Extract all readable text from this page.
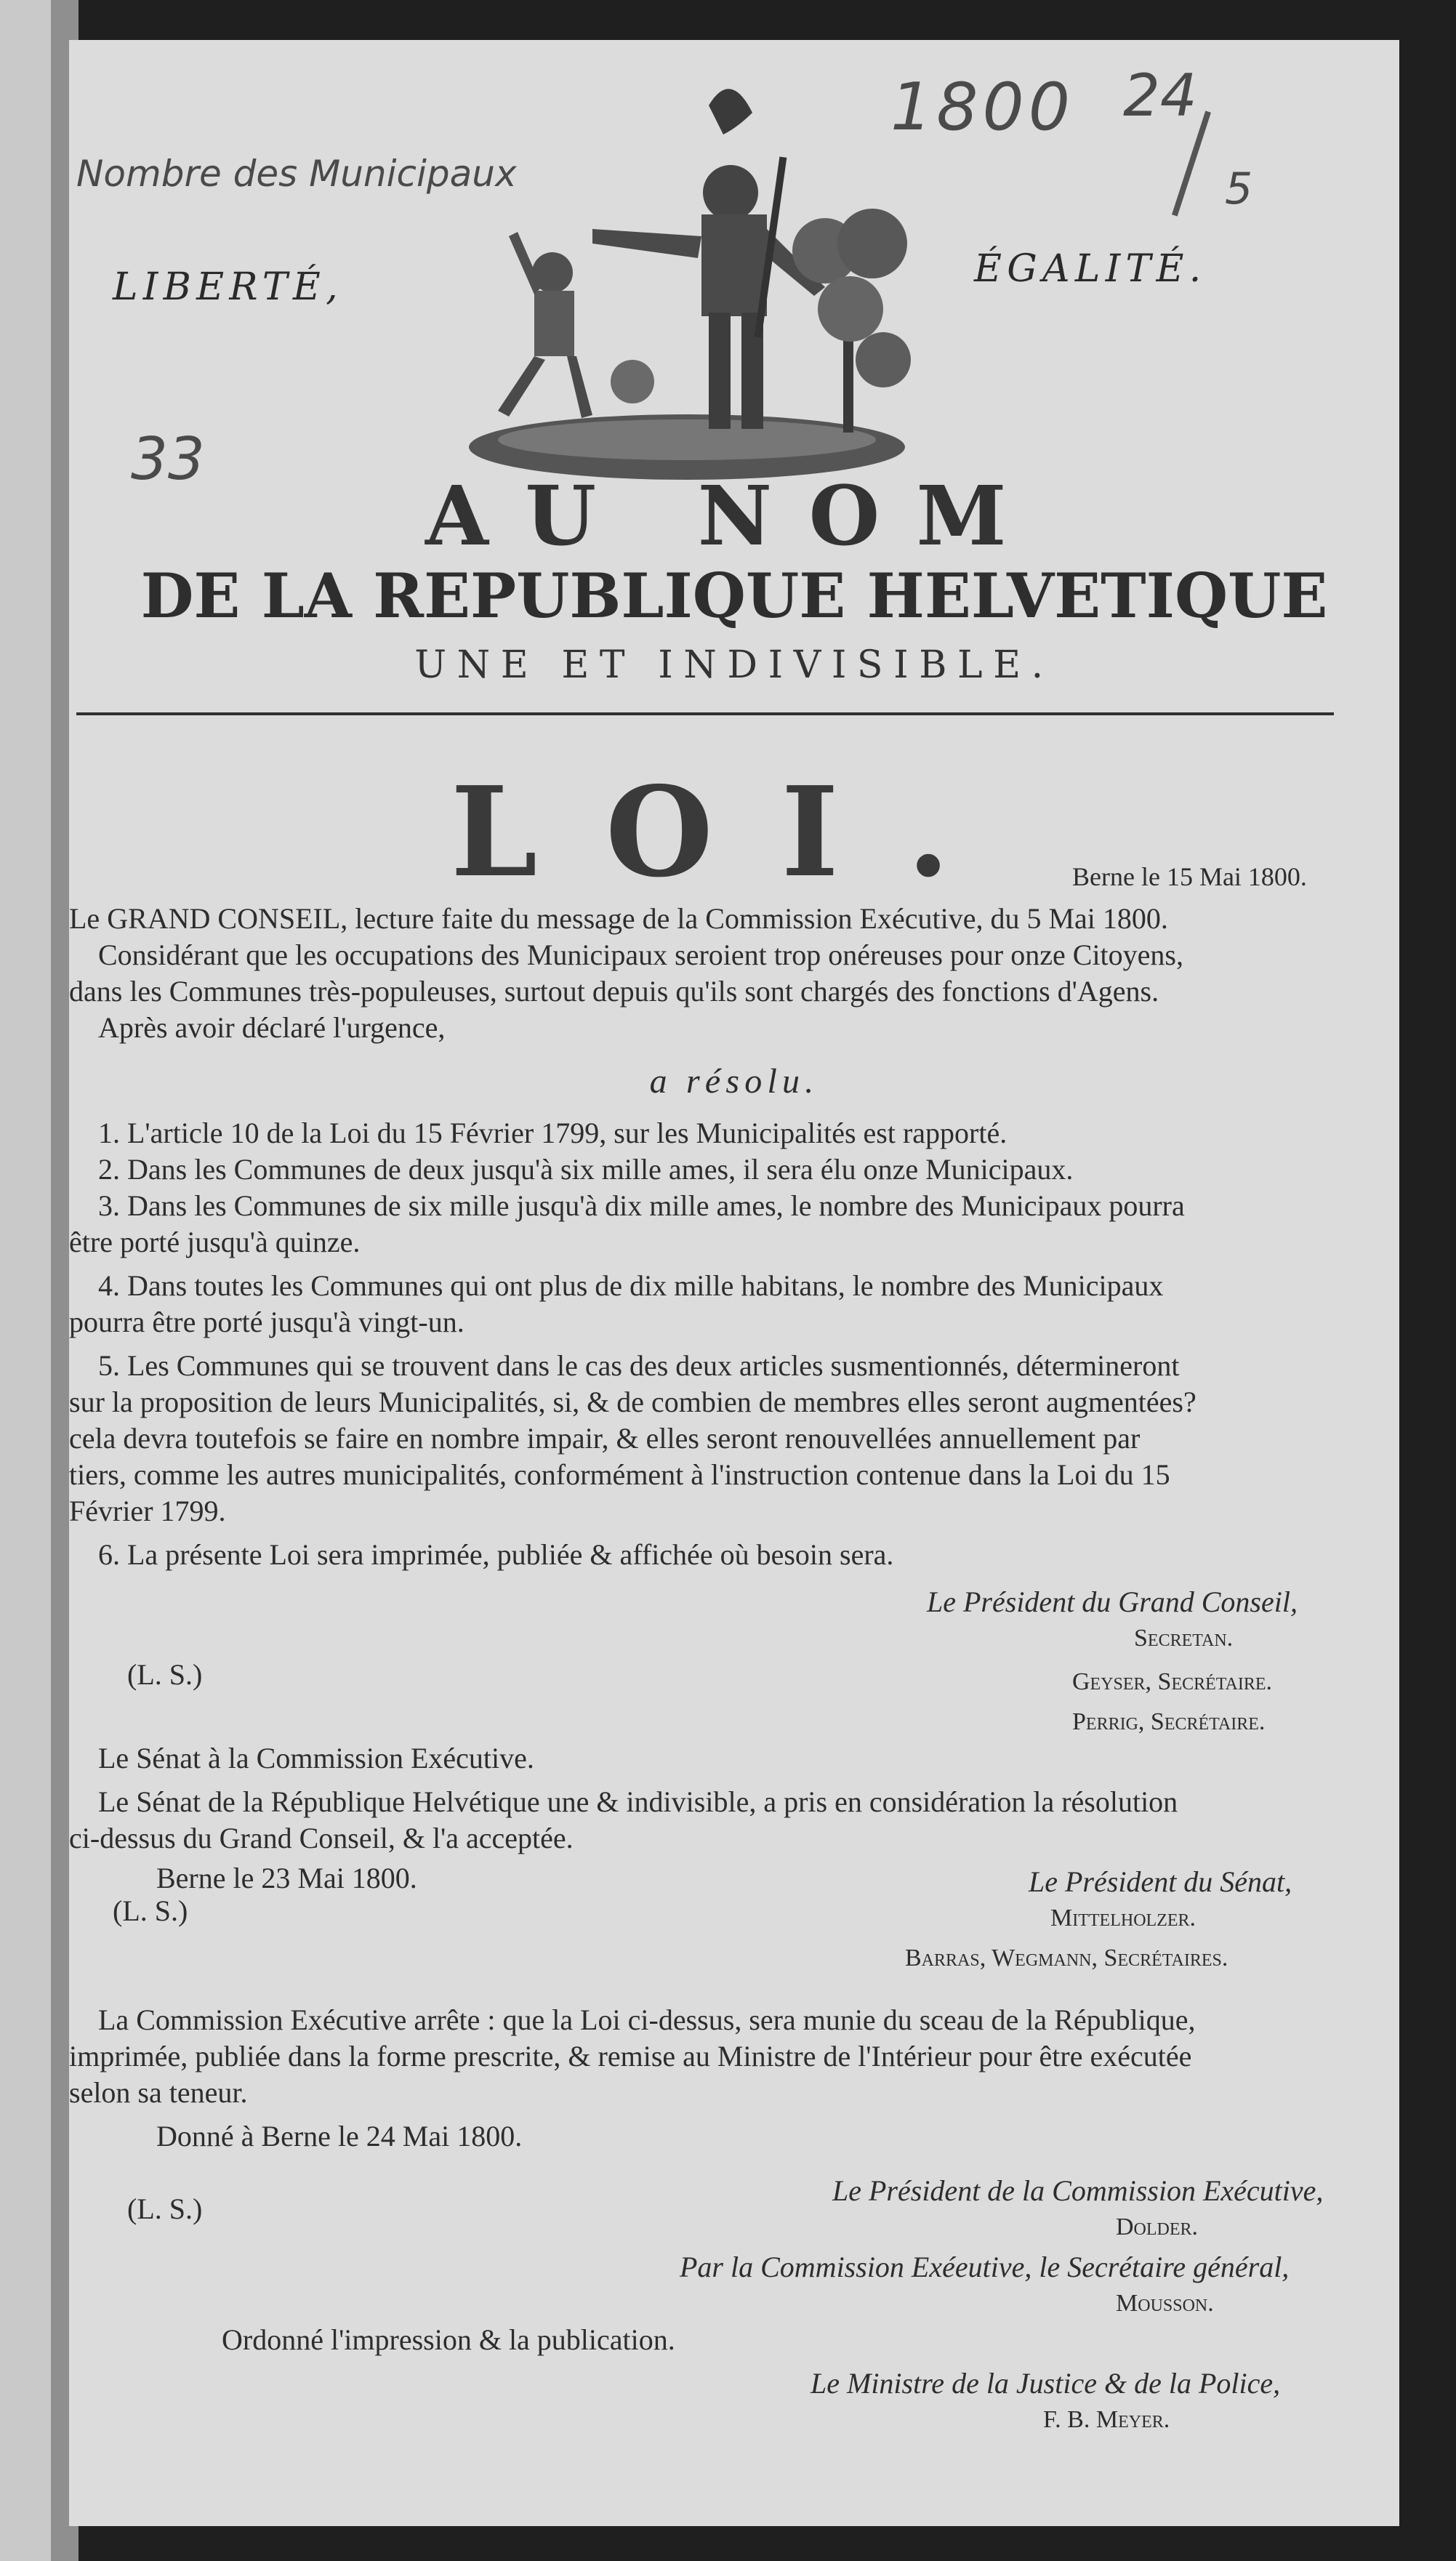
1800 24
5
Nombre des Municipaux
33
LIBERTÉ,	ÉGALITÉ.
AU NOM
DE LA REPUBLIQUE HELVETIQUE
UNE ET INDIVISIBLE.
LOI.	Berne le 15 Mai 1800.
Le GRAND CONSEIL, lecture faite du message de la Commission Exécutive, du 5 Mai 1800.
Considérant que les occupations des Municipaux seroient trop onéreuses pour onze Citoyens,
dans les Communes très-populeuses, surtout depuis qu'ils sont chargés des fonctions d'Agens.
Après avoir déclaré l'urgence,
a résolu.
1. L'article 10 de la Loi du 15 Février 1799, sur les Municipalités est rapporté.
2. Dans les Communes de deux jusqu'à six mille ames, il sera élu onze Municipaux.
3. Dans les Communes de six mille jusqu'à dix mille ames, le nombre des Municipaux pourra
être porté jusqu'à quinze.
4. Dans toutes les Communes qui ont plus de dix mille habitans, le nombre des Municipaux
pourra être porté jusqu'à vingt-un.
5. Les Communes qui se trouvent dans le cas des deux articles susmentionnés, détermineront
sur la proposition de leurs Municipalités, si, & de combien de membres elles seront augmentées?
cela devra toutefois se faire en nombre impair, & elles seront renouvellées annuellement par
tiers, comme les autres municipalités, conformément à l'instruction contenue dans la Loi du 15
Février 1799.
6. La présente Loi sera imprimée, publiée & affichée où besoin sera.
Le Président du Grand Conseil,
Secretan.
(L. S.)	Geyser, Secrétaire.
Perrig, Secrétaire.
Le Sénat à la Commission Exécutive.
Le Sénat de la République Helvétique une & indivisible, a pris en considération la résolution
ci-dessus du Grand Conseil, & l'a acceptée.
Berne le 23 Mai 1800.	Le Président du Sénat,
(L. S.)	Mittelholzer.
Barras, Wegmann, Secrétaires.
La Commission Exécutive arrête : que la Loi ci-dessus, sera munie du sceau de la République,
imprimée, publiée dans la forme prescrite, & remise au Ministre de l'Intérieur pour être exécutée
selon sa teneur.
Donné à Berne le 24 Mai 1800.
Le Président de la Commission Exécutive,
(L. S.)
Dolder.
Par la Commission Exéeutive, le Secrétaire général,
Mousson.
Ordonné l'impression & la publication.
Le Ministre de la Justice & de la Police,
F. B. Meyer.
